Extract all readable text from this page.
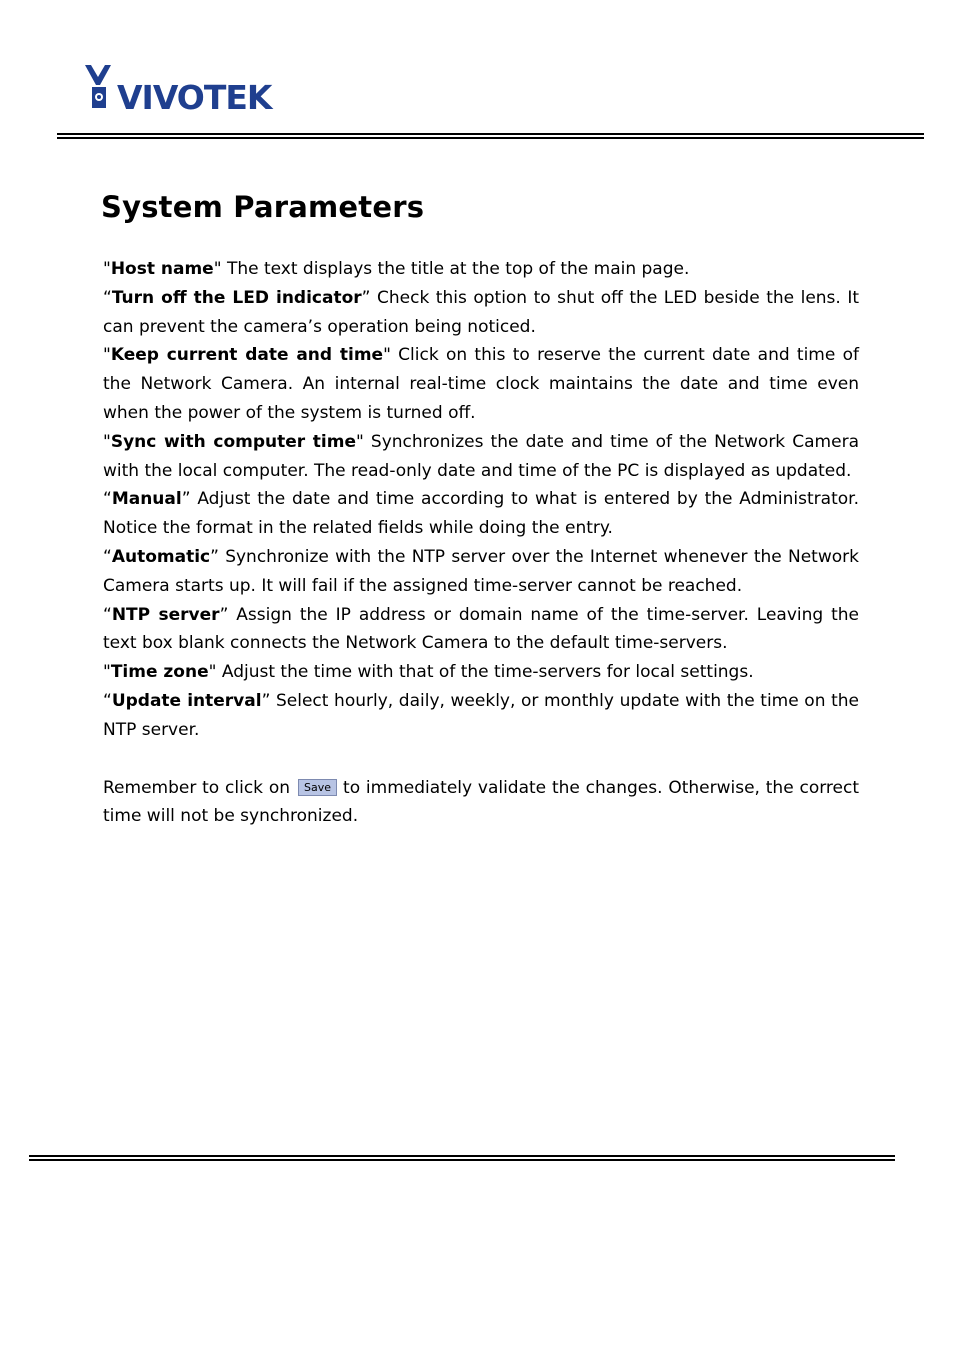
VIVOTEK
System Parameters

"Host name" The text displays the title at the top of the main page.

“Turn off the LED indicator” Check this option to shut off the LED beside the lens. It can prevent the camera’s operation being noticed.

"Keep current date and time" Click on this to reserve the current date and time of the Network Camera. An internal real-time clock maintains the date and time even when the power of the system is turned off.

"Sync with computer time" Synchronizes the date and time of the Network Camera with the local computer. The read-only date and time of the PC is displayed as updated.

“Manual” Adjust the date and time according to what is entered by the Administrator. Notice the format in the related fields while doing the entry.

“Automatic” Synchronize with the NTP server over the Internet whenever the Network Camera starts up. It will fail if the assigned time-server cannot be reached.

“NTP server” Assign the IP address or domain name of the time-server. Leaving the text box blank connects the Network Camera to the default time-servers.

"Time zone" Adjust the time with that of the time-servers for local settings.

“Update interval” Select hourly, daily, weekly, or monthly update with the time on the NTP server.

Remember to click on Save to immediately validate the changes. Otherwise, the correct time will not be synchronized.
